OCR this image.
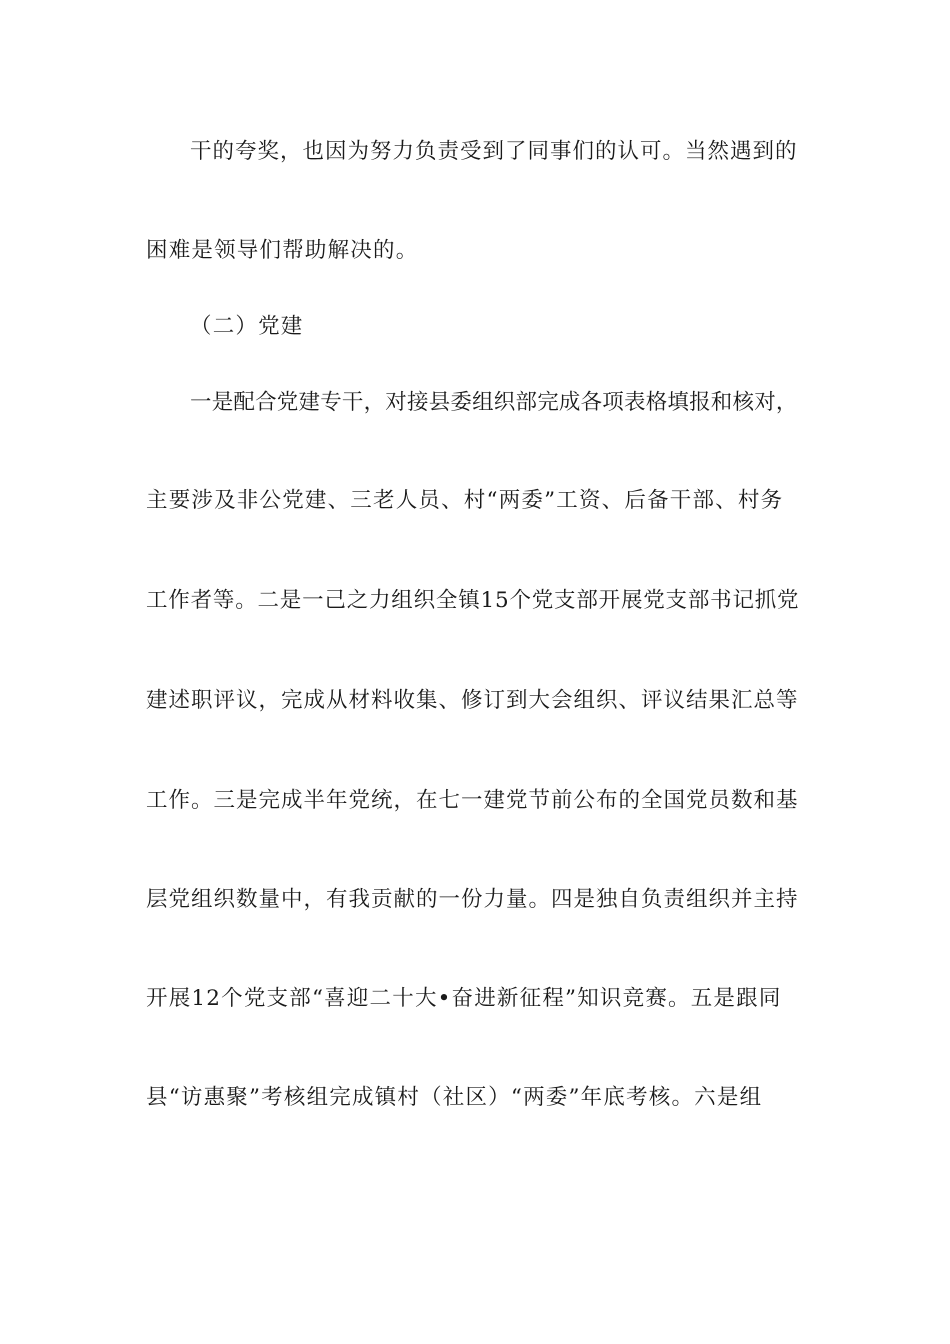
干的夸奖，也因为努力负责受到了同事们的认可。当然遇到的
困难是领导们帮助解决的。
（二）党建
一是配合党建专干，对接县委组织部完成各项表格填报和核对，
主要涉及非公党建、三老人员、村“两委”工资、后备干部、村务
工作者等。二是一己之力组织全镇15个党支部开展党支部书记抓党
建述职评议，完成从材料收集、修订到大会组织、评议结果汇总等
工作。三是完成半年党统，在七一建党节前公布的全国党员数和基
层党组织数量中，有我贡献的一份力量。四是独自负责组织并主持
开展12个党支部“喜迎二十大•奋进新征程”知识竞赛。五是跟同
县“访惠聚”考核组完成镇村（社区）“两委”年底考核。六是组
